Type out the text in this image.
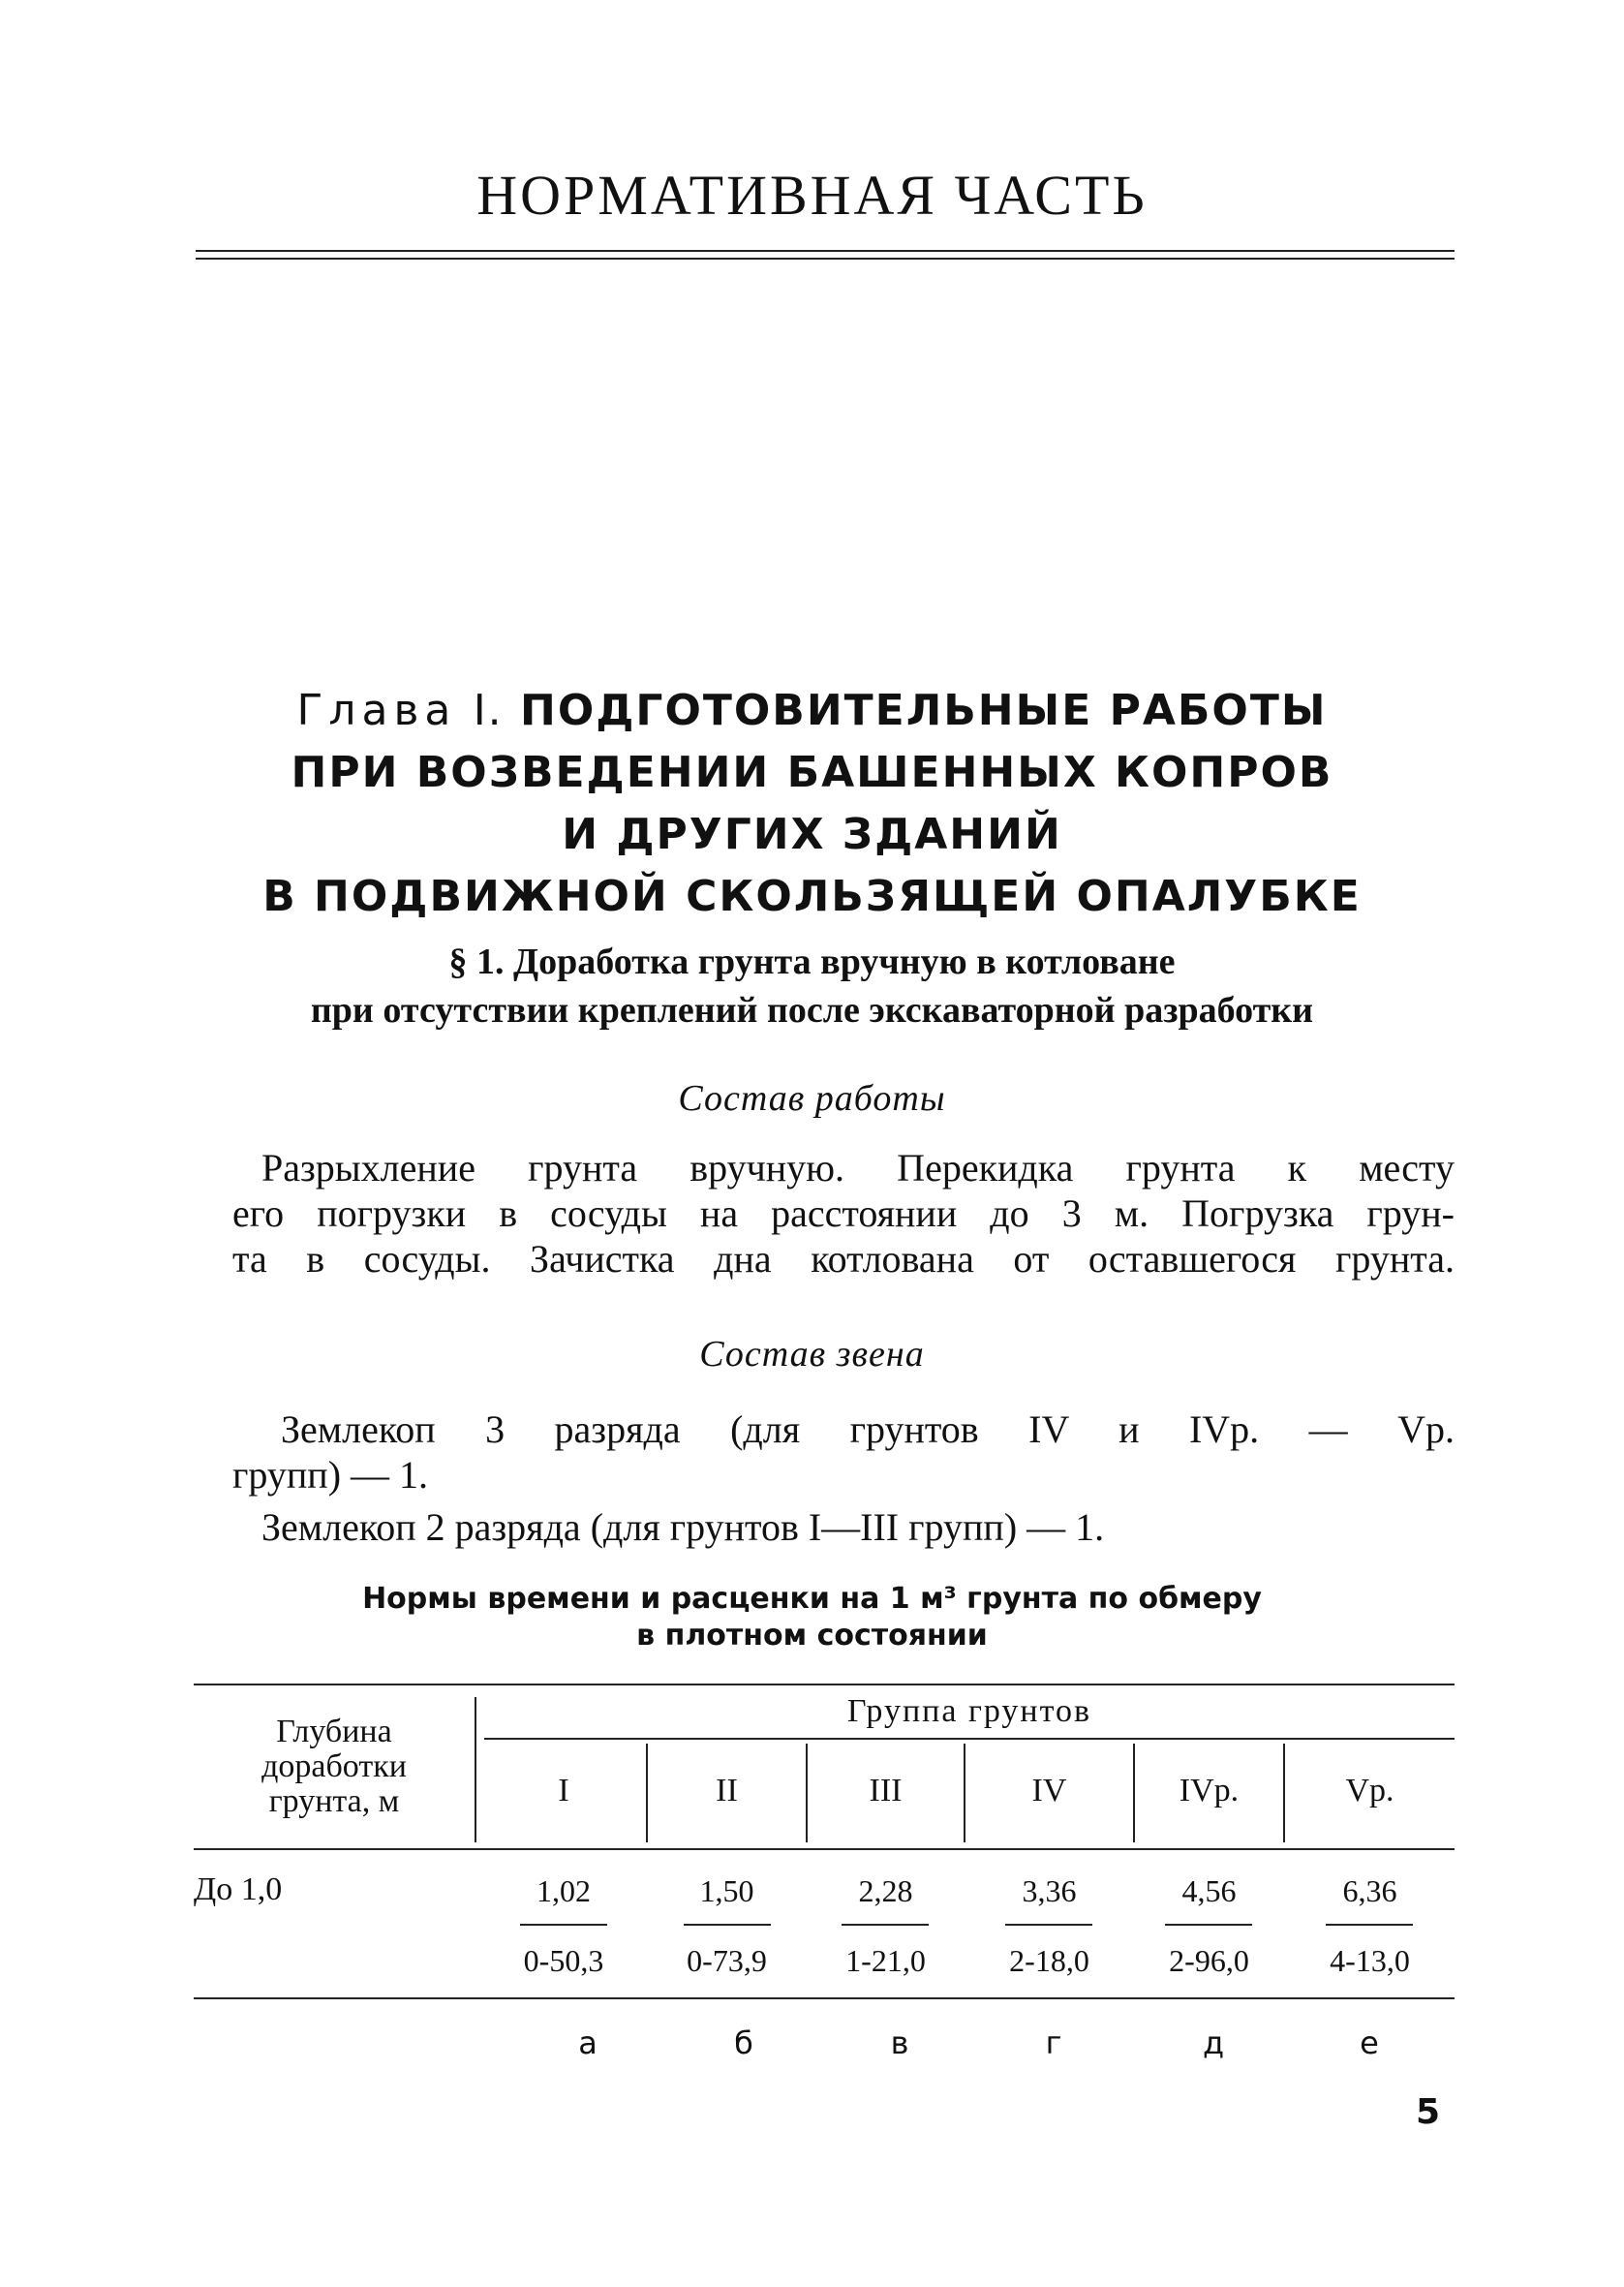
НОРМАТИВНАЯ ЧАСТЬ
Глава I. ПОДГОТОВИТЕЛЬНЫЕ РАБОТЫ
ПРИ ВОЗВЕДЕНИИ БАШЕННЫХ КОПРОВ
И ДРУГИХ ЗДАНИЙ
В ПОДВИЖНОЙ СКОЛЬЗЯЩЕЙ ОПАЛУБКЕ
§ 1. Доработка грунта вручную в котловане
при отсутствии креплений после экскаваторной разработки
Состав работы
Разрыхление грунта вручную. Перекидка грунта к месту
его погрузки в сосуды на расстоянии до 3 м. Погрузка грун-
та в сосуды. Зачистка дна котлована от оставшегося грунта.
Состав звена
Землекоп 3 разряда (для грунтов IV и IVр. — Vр.
групп) — 1.
Землекоп 2 разряда (для грунтов I—III групп) — 1.
Нормы времени и расценки на 1 м³ грунта по обмеру
в плотном состоянии
Глубина
доработки
грунта, м
Группа грунтов
I	II	III	IV	IVр.	Vр.
До 1,0	1,02	1,50	2,28	3,36	4,56	6,36
0-50,3	0-73,9	1-21,0	2-18,0	2-96,0	4-13,0
а	б	в	г	д	е
5
